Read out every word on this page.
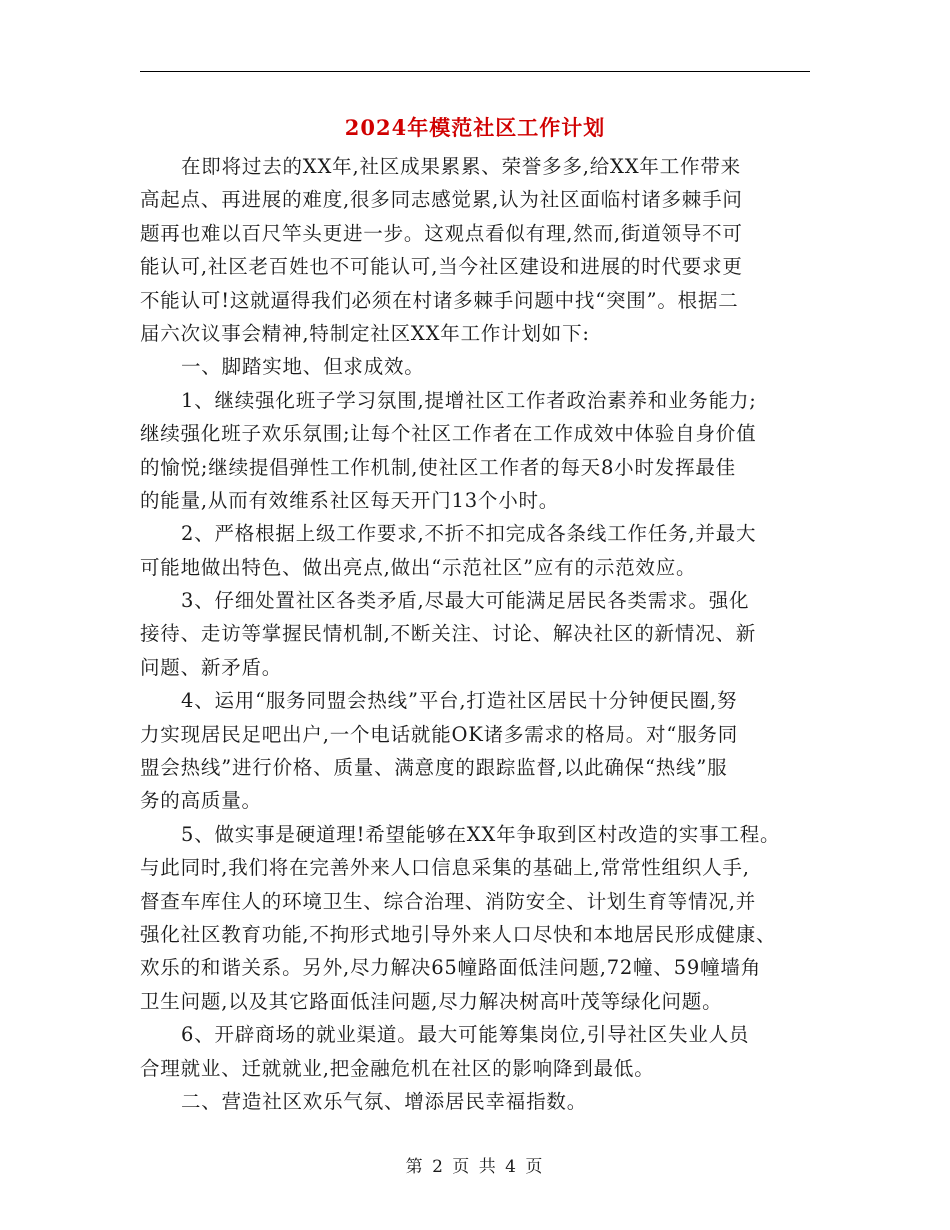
2024年模范社区工作计划
在即将过去的XX年,社区成果累累、荣誉多多,给XX年工作带来
高起点、再进展的难度,很多同志感觉累,认为社区面临村诸多棘手问
题再也难以百尺竿头更进一步。这观点看似有理,然而,街道领导不可
能认可,社区老百姓也不可能认可,当今社区建设和进展的时代要求更
不能认可!这就逼得我们必须在村诸多棘手问题中找“突围”。根据二
届六次议事会精神,特制定社区XX年工作计划如下:
一、脚踏实地、但求成效。
1、继续强化班子学习氛围,提增社区工作者政治素养和业务能力;
继续强化班子欢乐氛围;让每个社区工作者在工作成效中体验自身价值
的愉悦;继续提倡弹性工作机制,使社区工作者的每天8小时发挥最佳
的能量,从而有效维系社区每天开门13个小时。
2、严格根据上级工作要求,不折不扣完成各条线工作任务,并最大
可能地做出特色、做出亮点,做出“示范社区”应有的示范效应。
3、仔细处置社区各类矛盾,尽最大可能满足居民各类需求。强化
接待、走访等掌握民情机制,不断关注、讨论、解决社区的新情况、新
问题、新矛盾。
4、运用“服务同盟会热线”平台,打造社区居民十分钟便民圈,努
力实现居民足吧出户,一个电话就能OK诸多需求的格局。对“服务同
盟会热线”进行价格、质量、满意度的跟踪监督,以此确保“热线”服
务的高质量。
5、做实事是硬道理!希望能够在XX年争取到区村改造的实事工程。
与此同时,我们将在完善外来人口信息采集的基础上,常常性组织人手,
督查车库住人的环境卫生、综合治理、消防安全、计划生育等情况,并
强化社区教育功能,不拘形式地引导外来人口尽快和本地居民形成健康、
欢乐的和谐关系。另外,尽力解决65幢路面低洼问题,72幢、59幢墙角
卫生问题,以及其它路面低洼问题,尽力解决树高叶茂等绿化问题。
6、开辟商场的就业渠道。最大可能筹集岗位,引导社区失业人员
合理就业、迁就就业,把金融危机在社区的影响降到最低。
二、营造社区欢乐气氛、增添居民幸福指数。
第 2 页 共 4 页
